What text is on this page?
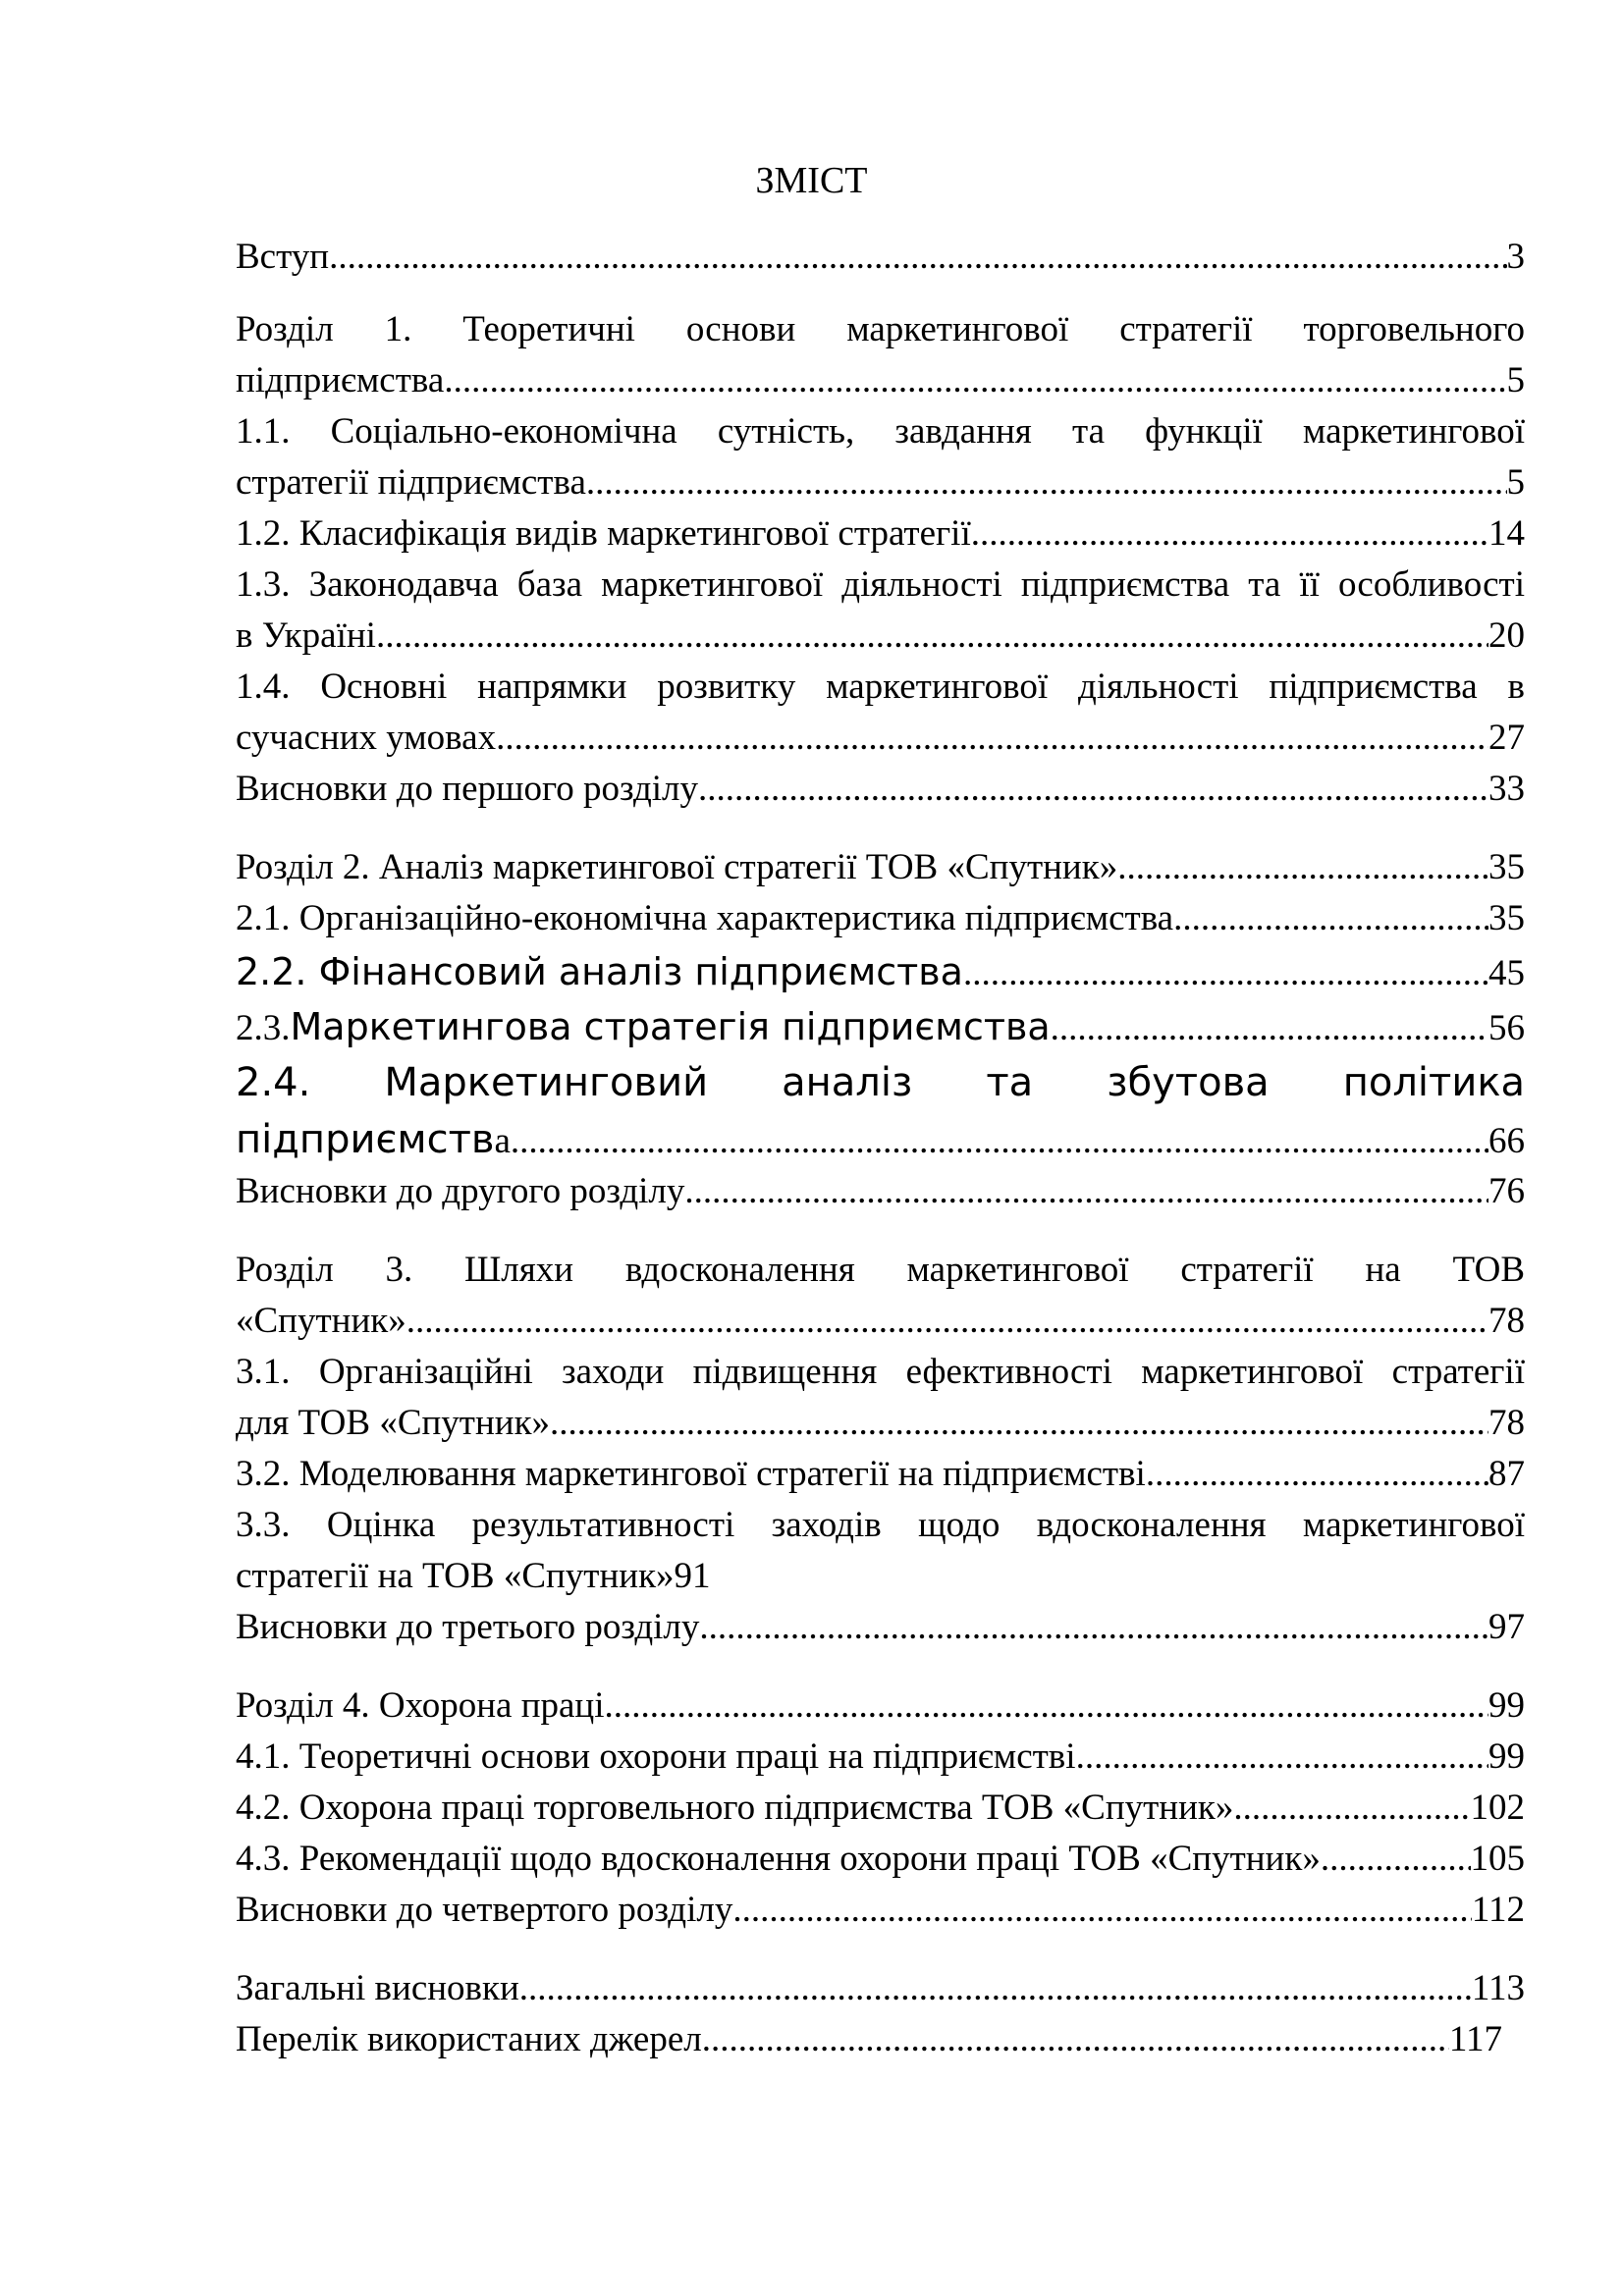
ЗМІСТ
Вступ .....	3
Розділ 1. Теоретичні основи маркетингової стратегії торговельного
підприємства .....	5
1.1. Соціально-економічна сутність, завдання та функції маркетингової
стратегії підприємства .....	5
1.2. Класифікація видів маркетингової стратегії .....	14
1.3. Законодавча база маркетингової діяльності підприємства та її особливості
в Україні .....	20
1.4. Основні напрямки розвитку маркетингової діяльності підприємства в
сучасних умовах .....	27
Висновки до першого розділу .....	33
Розділ 2. Аналіз маркетингової стратегії ТОВ «Спутник» .....	35
2.1. Організаційно-економічна характеристика підприємства .....	35
2.2. Фінансовий аналіз підприємства .....	45
2.3. Маркетингова стратегія підприємства .....	56
2.4. Маркетинговий аналіз та збутова політика
підприємств а .....	66
Висновки до другого розділу .....	76
Розділ 3. Шляхи вдосконалення маркетингової стратегії на ТОВ
«Спутник» .....	78
3.1. Організаційні заходи підвищення ефективності маркетингової стратегії
для ТОВ «Спутник» .....	78
3.2. Моделювання маркетингової стратегії на підприємстві .....	87
3.3. Оцінка результативності заходів щодо вдосконалення маркетингової
стратегії на ТОВ «Спутник»91
Висновки до третього розділу .....	97
Розділ 4. Охорона праці .....	99
4.1. Теоретичні основи охорони праці на підприємстві .....	99
4.2. Охорона праці торговельного підприємства ТОВ «Спутник» .....	102
4.3. Рекомендації щодо вдосконалення охорони праці ТОВ «Спутник» .....	105
Висновки до четвертого розділу .....	112
Загальні висновки .....	113
Перелік використаних джерел .....	117
